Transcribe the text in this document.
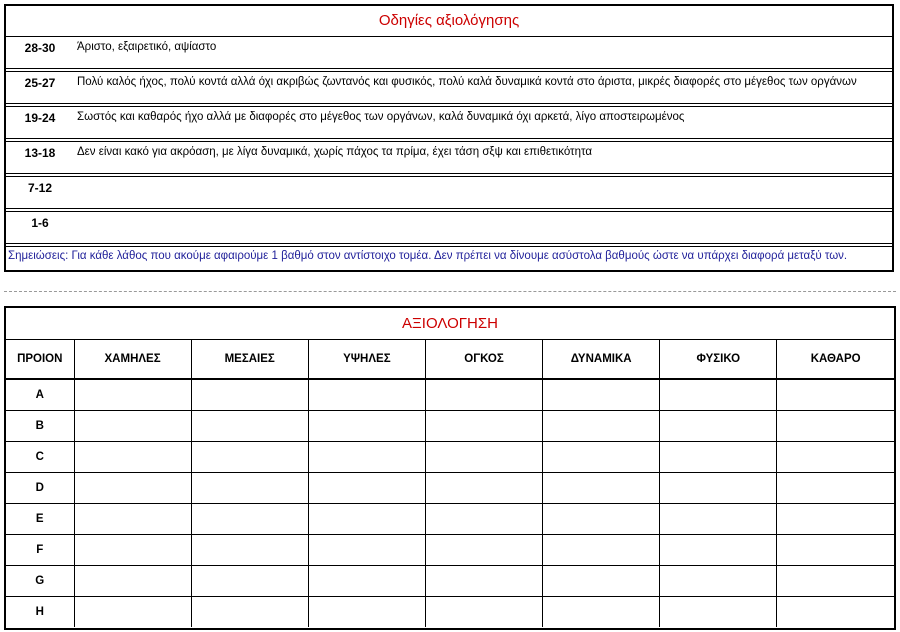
Οδηγίες αξιολόγησης
28-30	Άριστο, εξαιρετικό, αψίαστο
25-27	Πολύ καλός ήχος, πολύ κοντά αλλά όχι ακριβώς ζωντανός και φυσικός, πολύ καλά δυναμικά κοντά στο άριστα, μικρές διαφορές στο μέγεθος των οργάνων
19-24	Σωστός και καθαρός ήχο αλλά με διαφορές στο μέγεθος των οργάνων, καλά δυναμικά όχι αρκετά, λίγο αποστειρωμένος
13-18	Δεν είναι κακό για ακρόαση, με λίγα δυναμικά, χωρίς πάχος τα πρίμα, έχει τάση σξψ και επιθετικότητα
7-12
1-6
Σημειώσεις: Για κάθε λάθος που ακούμε αφαιρούμε 1 βαθμό στον αντίστοιχο τομέα. Δεν πρέπει να δίνουμε ασύστολα βαθμούς ώστε να υπάρχει διαφορά μεταξύ των.
ΑΞΙΟΛΟΓΗΣΗ
ΠΡΟΙΟΝ	ΧΑΜΗΛΕΣ	ΜΕΣΑΙΕΣ	ΥΨΗΛΕΣ	ΟΓΚΟΣ	ΔΥΝΑΜΙΚΑ	ΦΥΣΙΚΟ	ΚΑΘΑΡΟ
A							
B							
C							
D							
E							
F							
G							
H							
